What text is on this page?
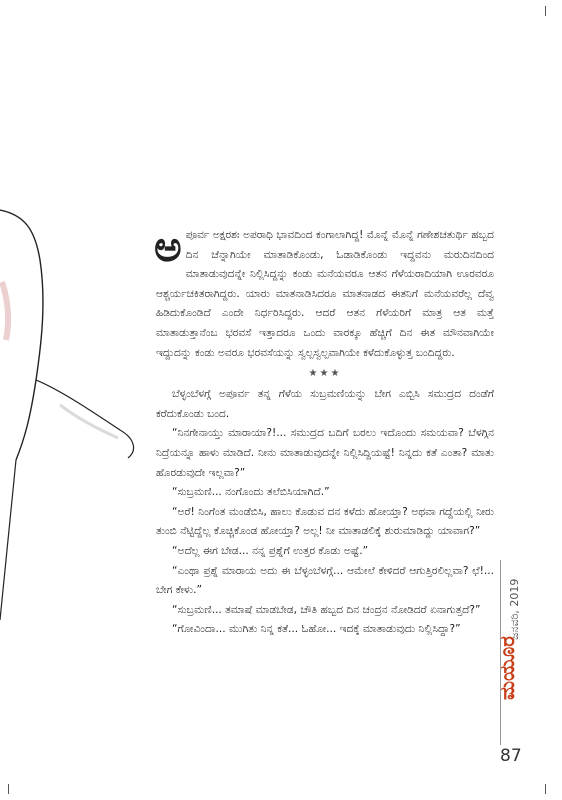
ಅಪೂರ್ವ ಅಕ್ಷರಶಃ ಅಪರಾಧಿ ಭಾವದಿಂದ ಕಂಗಾಲಾಗಿದ್ದ! ಮೊನ್ನೆ ಮೊನ್ನೆ ಗಣೇಶಚತುರ್ಥಿ ಹಬ್ಬದ ದಿನ ಚೆನ್ನಾಗಿಯೇ ಮಾತಾಡಿಕೊಂಡು, ಓಡಾಡಿಕೊಂಡು ಇದ್ದವನು ಮರುದಿನದಿಂದ ಮಾತಾಡುವುದನ್ನೇ ನಿಲ್ಲಿಸಿದ್ದನ್ನು ಕಂಡು ಮನೆಯವರೂ ಆತನ ಗೆಳೆಯರಾದಿಯಾಗಿ ಊರವರೂ ಆಶ್ಚರ್ಯಚಕಿತರಾಗಿದ್ದರು. ಯಾರು ಮಾತನಾಡಿಸಿದರೂ ಮಾತನಾಡದ ಈತನಿಗೆ ಮನೆಯವರೆಲ್ಲ ದೆವ್ವ ಹಿಡಿದುಕೊಂಡಿದೆ ಎಂದೇ ನಿರ್ಧರಿಸಿದ್ದರು. ಆದರೆ ಆತನ ಗೆಳೆಯರಿಗೆ ಮಾತ್ರ ಆತ ಮತ್ತೆ ಮಾತಾಡುತ್ತಾನೆಂಬ ಭರವಸೆ ಇತ್ತಾದರೂ ಒಂದು ವಾರಕ್ಕೂ ಹೆಚ್ಚಿಗೆ ದಿನ ಈತ ಮೌನವಾಗಿಯೇ ಇದ್ದುದನ್ನು ಕಂಡು ಅವರೂ ಭರವಸೆಯನ್ನು ಸ್ವಲ್ಪಸ್ವಲ್ಪವಾಗಿಯೇ ಕಳೆದುಕೊಳ್ಳುತ್ತ ಬಂದಿದ್ದರು.

★★★

ಬೆಳ್ಳಂಬೆಳಗ್ಗೆ ಅಪೂರ್ವ ತನ್ನ ಗೆಳೆಯ ಸುಬ್ರಮಣಿಯನ್ನು ಬೇಗ ಎಬ್ಬಿಸಿ ಸಮುದ್ರದ ದಂಡೆಗೆ ಕರೆದುಕೊಂಡು ಬಂದ.

“ನಿನಗೇನಾಯ್ತು ಮಾರಾಯಾ?!... ಸಮುದ್ರದ ಬದಿಗೆ ಬರಲು ಇದೊಂದು ಸಮಯವಾ? ಬೆಳಗ್ಗಿನ ನಿದ್ರೆಯನ್ನೂ ಹಾಳು ಮಾಡಿದೆ. ನೀನು ಮಾತಾಡುವುದನ್ನೇ ನಿಲ್ಲಿಸಿದ್ದಿಯಷ್ಟೆ! ನಿನ್ನದು ಕತೆ ಎಂತಾ? ಮಾತು ಹೊರಡುವುದೇ ಇಲ್ಲವಾ?”

“ಸುಬ್ರಮಣಿ... ನಂಗೊಂದು ತಲೆಬಿಸಿಯಾಗಿದೆ.”

“ಅರೆ! ನಿಂಗೆಂತ ಮಂಡೆಬಿಸಿ, ಹಾಲು ಕೊಡುವ ದನ ಕಳೆದು ಹೋಯ್ತಾ? ಅಥವಾ ಗದ್ದೆಯಲ್ಲಿ ನೀರು ತುಂಬಿ ನೆಟ್ಟಿದ್ದೆಲ್ಲ ಕೊಚ್ಚಿಕೊಂಡ ಹೋಯ್ತಾ? ಅಲ್ಲ! ನೀ ಮಾತಾಡಲಿಕ್ಕೆ ಶುರುಮಾಡಿದ್ದು ಯಾವಾಗ?”

“ಅದೆಲ್ಲ ಈಗ ಬೇಡ... ನನ್ನ ಪ್ರಶ್ನೆಗೆ ಉತ್ತರ ಕೊಡು ಅಷ್ಟೆ.”

“ಎಂಥಾ ಪ್ರಶ್ನೆ ಮಾರಾಯ ಅದು ಈ ಬೆಳ್ಳಂಬೆಳಗ್ಗೆ... ಆಮೇಲೆ ಕೇಳಿದರೆ ಆಗುತ್ತಿರಲಿಲ್ಲವಾ? ಛೆ!... ಬೇಗ ಕೇಳು.”

“ಸುಬ್ರಮಣಿ... ತಮಾಷೆ ಮಾಡಬೇಡ, ಚೌತಿ ಹಬ್ಬದ ದಿನ ಚಂದ್ರನ ನೋಡಿದರೆ ಏನಾಗುತ್ತದೆ?”

“ಗೋವಿಂದಾ... ಮುಗಿತು ನಿನ್ನ ಕತೆ... ಓಹೋ... ಇದಕ್ಕೆ ಮಾತಾಡುವುದು ನಿಲ್ಲಿಸಿದ್ದಾ?”	ಜನವರಿ, 2019
ಮಯೂರ
87
